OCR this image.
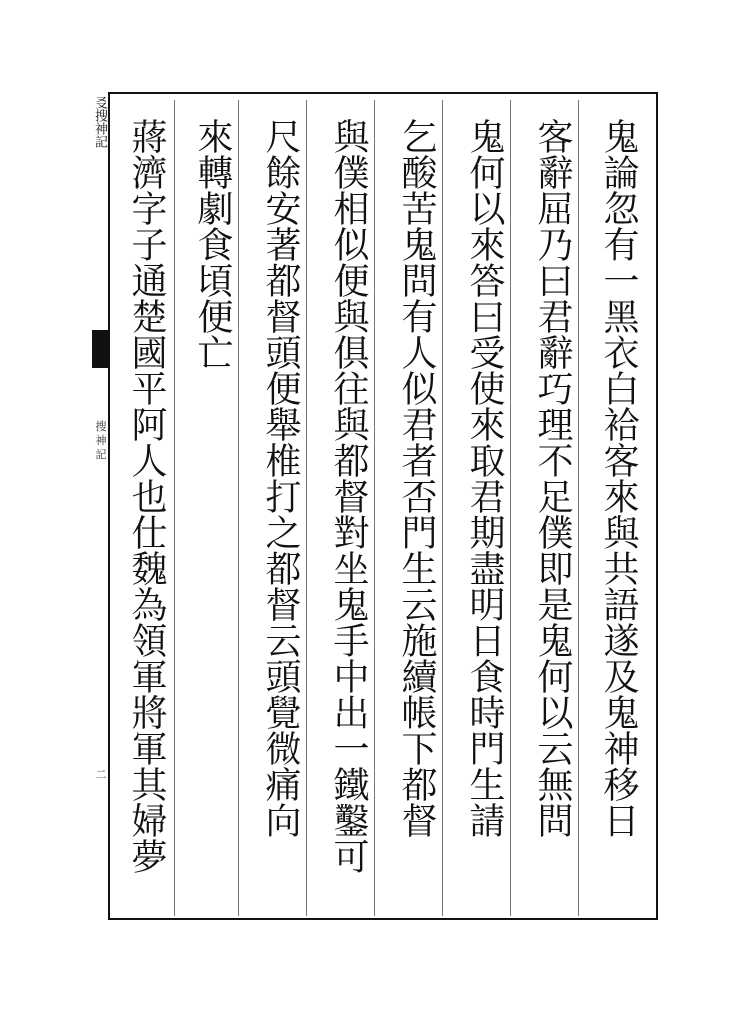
㕛搜神記
搜神記
二	鬼論忽有一黑衣白袷客來與共語遂及鬼神移日
客辭屈乃曰君辭巧理不足僕即是鬼何以云無問
鬼何以來答曰受使來取君期盡明日食時門生請
乞酸苦鬼問有人似君者否門生云施續帳下都督
與僕相似便與俱往與都督對坐鬼手中出一鐵鑿可
尺餘安著都督頭便舉椎打之都督云頭覺微痛向
來轉劇食頃便亡
蔣濟字子通楚國平阿人也仕魏為領軍將軍其婦夢
